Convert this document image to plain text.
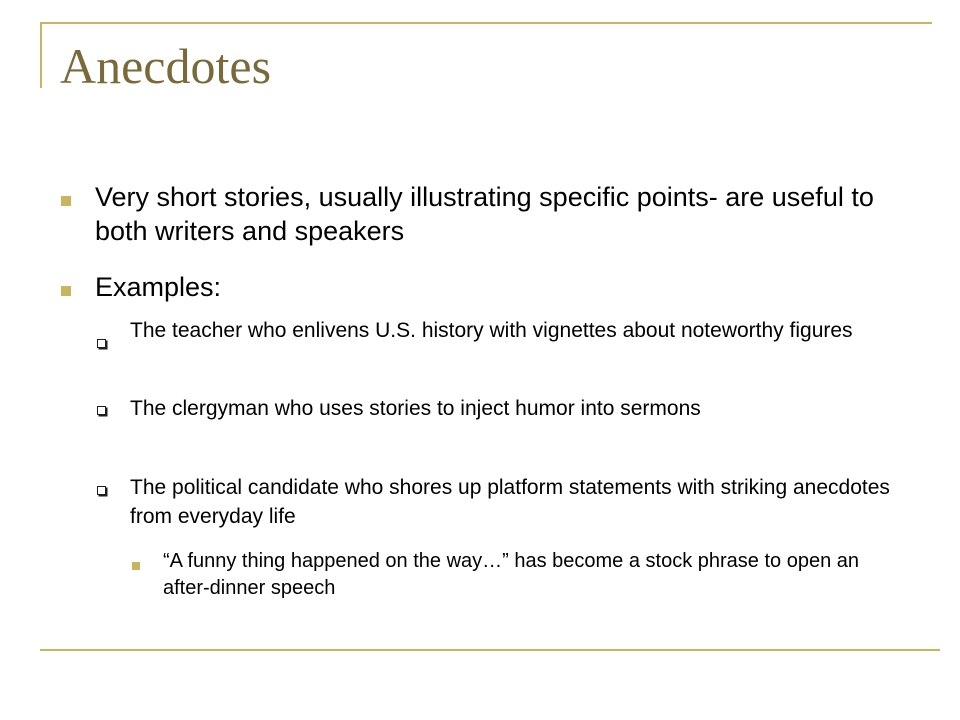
Anecdotes
Very short stories, usually illustrating specific points- are useful to both writers and speakers
Examples:
The teacher who enlivens U.S. history with vignettes about noteworthy figures
The clergyman who uses stories to inject humor into sermons
The political candidate who shores up platform statements with striking anecdotes from everyday life
“A funny thing happened on the way…” has become a stock phrase to open an after-dinner speech
